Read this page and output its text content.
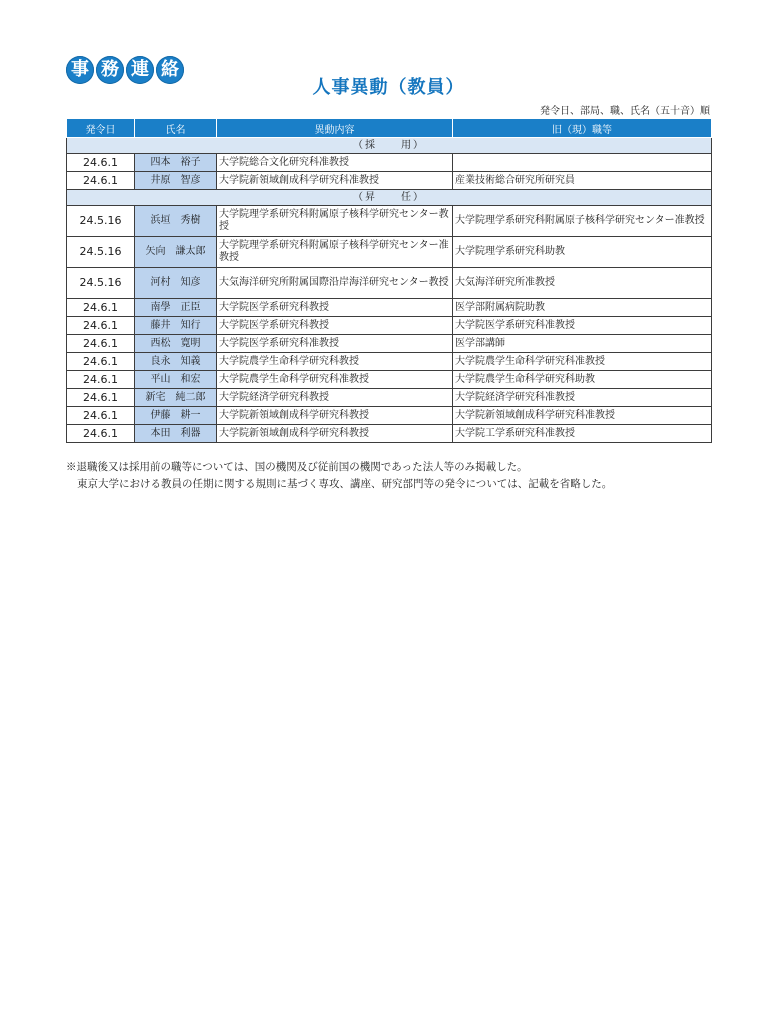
事 務 連 絡
人事異動（教員）
発令日、部局、職、氏名（五十音）順
発令日	氏名	異動内容	旧（現）職等
（採　　用）			
24.6.1	四本　裕子	大学院総合文化研究科准教授	
24.6.1	井原　智彦	大学院新領域創成科学研究科准教授	産業技術総合研究所研究員
（昇　　任）			
24.5.16	浜垣　秀樹	大学院理学系研究科附属原子核科学研究センター教授	大学院理学系研究科附属原子核科学研究センター准教授
24.5.16	矢向　謙太郎	大学院理学系研究科附属原子核科学研究センター准教授	大学院理学系研究科助教
24.5.16	河村　知彦	大気海洋研究所附属国際沿岸海洋研究センター教授	大気海洋研究所准教授
24.6.1	南學　正臣	大学院医学系研究科教授	医学部附属病院助教
24.6.1	藤井　知行	大学院医学系研究科教授	大学院医学系研究科准教授
24.6.1	西松　寛明	大学院医学系研究科准教授	医学部講師
24.6.1	良永　知義	大学院農学生命科学研究科教授	大学院農学生命科学研究科准教授
24.6.1	平山　和宏	大学院農学生命科学研究科准教授	大学院農学生命科学研究科助教
24.6.1	新宅　純二郎	大学院経済学研究科教授	大学院経済学研究科准教授
24.6.1	伊藤　耕一	大学院新領域創成科学研究科教授	大学院新領域創成科学研究科准教授
24.6.1	本田　利器	大学院新領域創成科学研究科教授	大学院工学系研究科准教授

※退職後又は採用前の職等については、国の機関及び従前国の機関であった法人等のみ掲載した。

東京大学における教員の任期に関する規則に基づく専攻、講座、研究部門等の発令については、記載を省略した。
